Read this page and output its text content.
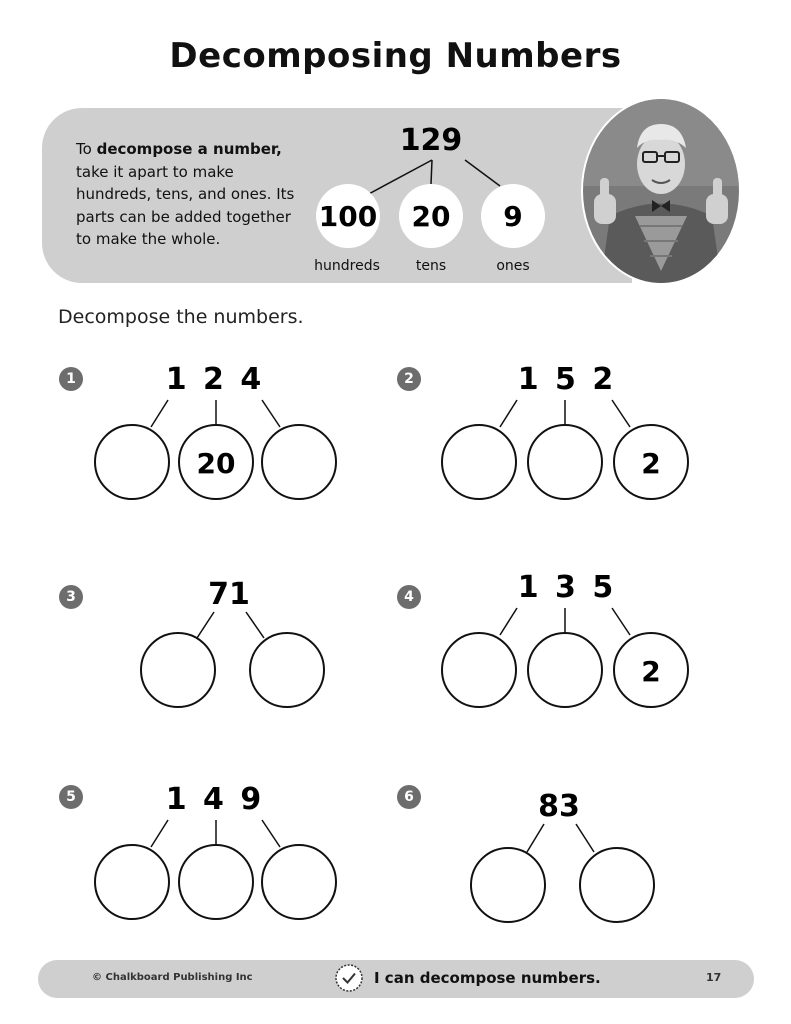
Decomposing Numbers
To decompose a number, take it apart to make hundreds, tens, and ones. Its parts can be added together to make the whole.
129
100 20 9
hundreds	tens	ones
Decompose the numbers.
1	1 2 4
20
2	1 5 2
2
3	71	4	1 3 5
2
5	1 4 9	6	83
© Chalkboard Publishing Inc	I can decompose numbers.	17
